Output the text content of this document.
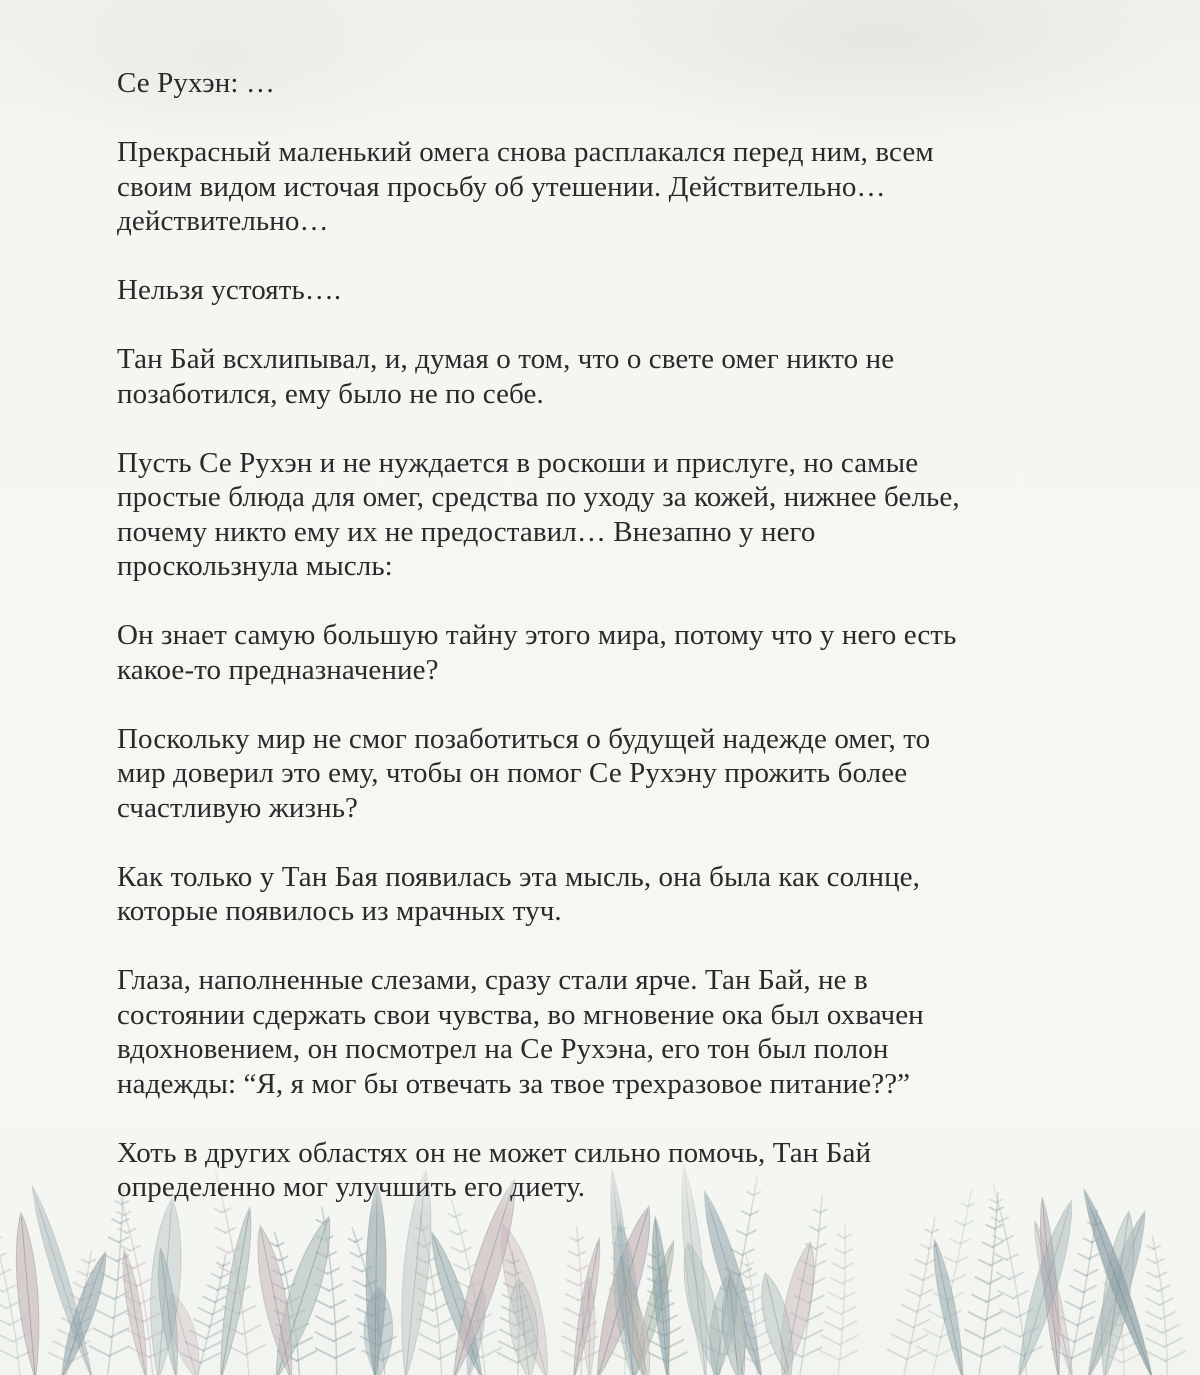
Се Рухэн: …

Прекрасный маленький омега снова расплакался перед ним, всем
своим видом источая просьбу об утешении. Действительно…
действительно…

Нельзя устоять….

Тан Бай всхлипывал, и, думая о том, что о свете омег никто не
позаботился, ему было не по себе.

Пусть Се Рухэн и не нуждается в роскоши и прислуге, но самые
простые блюда для омег, средства по уходу за кожей, нижнее белье,
почему никто ему их не предоставил… Внезапно у него
проскользнула мысль:

Он знает самую большую тайну этого мира, потому что у него есть
какое-то предназначение?

Поскольку мир не смог позаботиться о будущей надежде омег, то
мир доверил это ему, чтобы он помог Се Рухэну прожить более
счастливую жизнь?

Как только у Тан Бая появилась эта мысль, она была как солнце,
которые появилось из мрачных туч.

Глаза, наполненные слезами, сразу стали ярче. Тан Бай, не в
состоянии сдержать свои чувства, во мгновение ока был охвачен
вдохновением, он посмотрел на Се Рухэна, его тон был полон
надежды: “Я, я мог бы отвечать за твое трехразовое питание??”

Хоть в других областях он не может сильно помочь, Тан Бай
определенно мог улучшить его диету.
